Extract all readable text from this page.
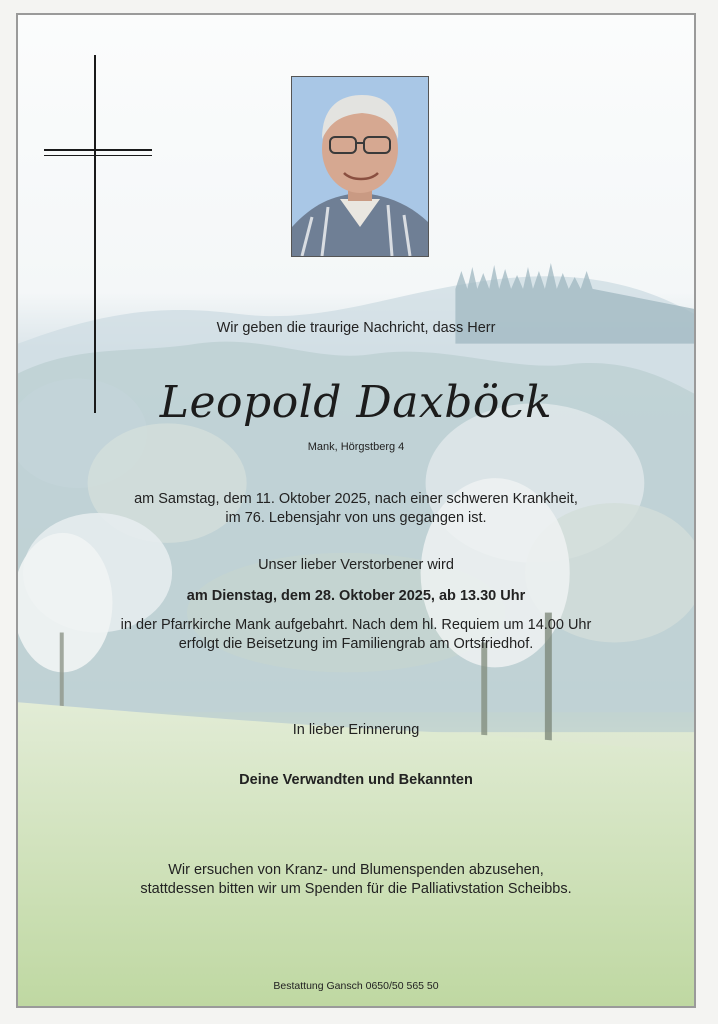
Wir geben die traurige Nachricht, dass Herr
Leopold Daxböck
Mank, Hörgstberg 4
am Samstag, dem 11. Oktober 2025, nach einer schweren Krankheit,
im 76. Lebensjahr von uns gegangen ist.
Unser lieber Verstorbener wird
am Dienstag, dem 28. Oktober 2025, ab 13.30 Uhr
in der Pfarrkirche Mank aufgebahrt. Nach dem hl. Requiem um 14.00 Uhr
erfolgt die Beisetzung im Familiengrab am Ortsfriedhof.
In lieber Erinnerung
Deine Verwandten und Bekannten
Wir ersuchen von Kranz- und Blumenspenden abzusehen,
stattdessen bitten wir um Spenden für die Palliativstation Scheibbs.
Bestattung Gansch 0650/50 565 50
